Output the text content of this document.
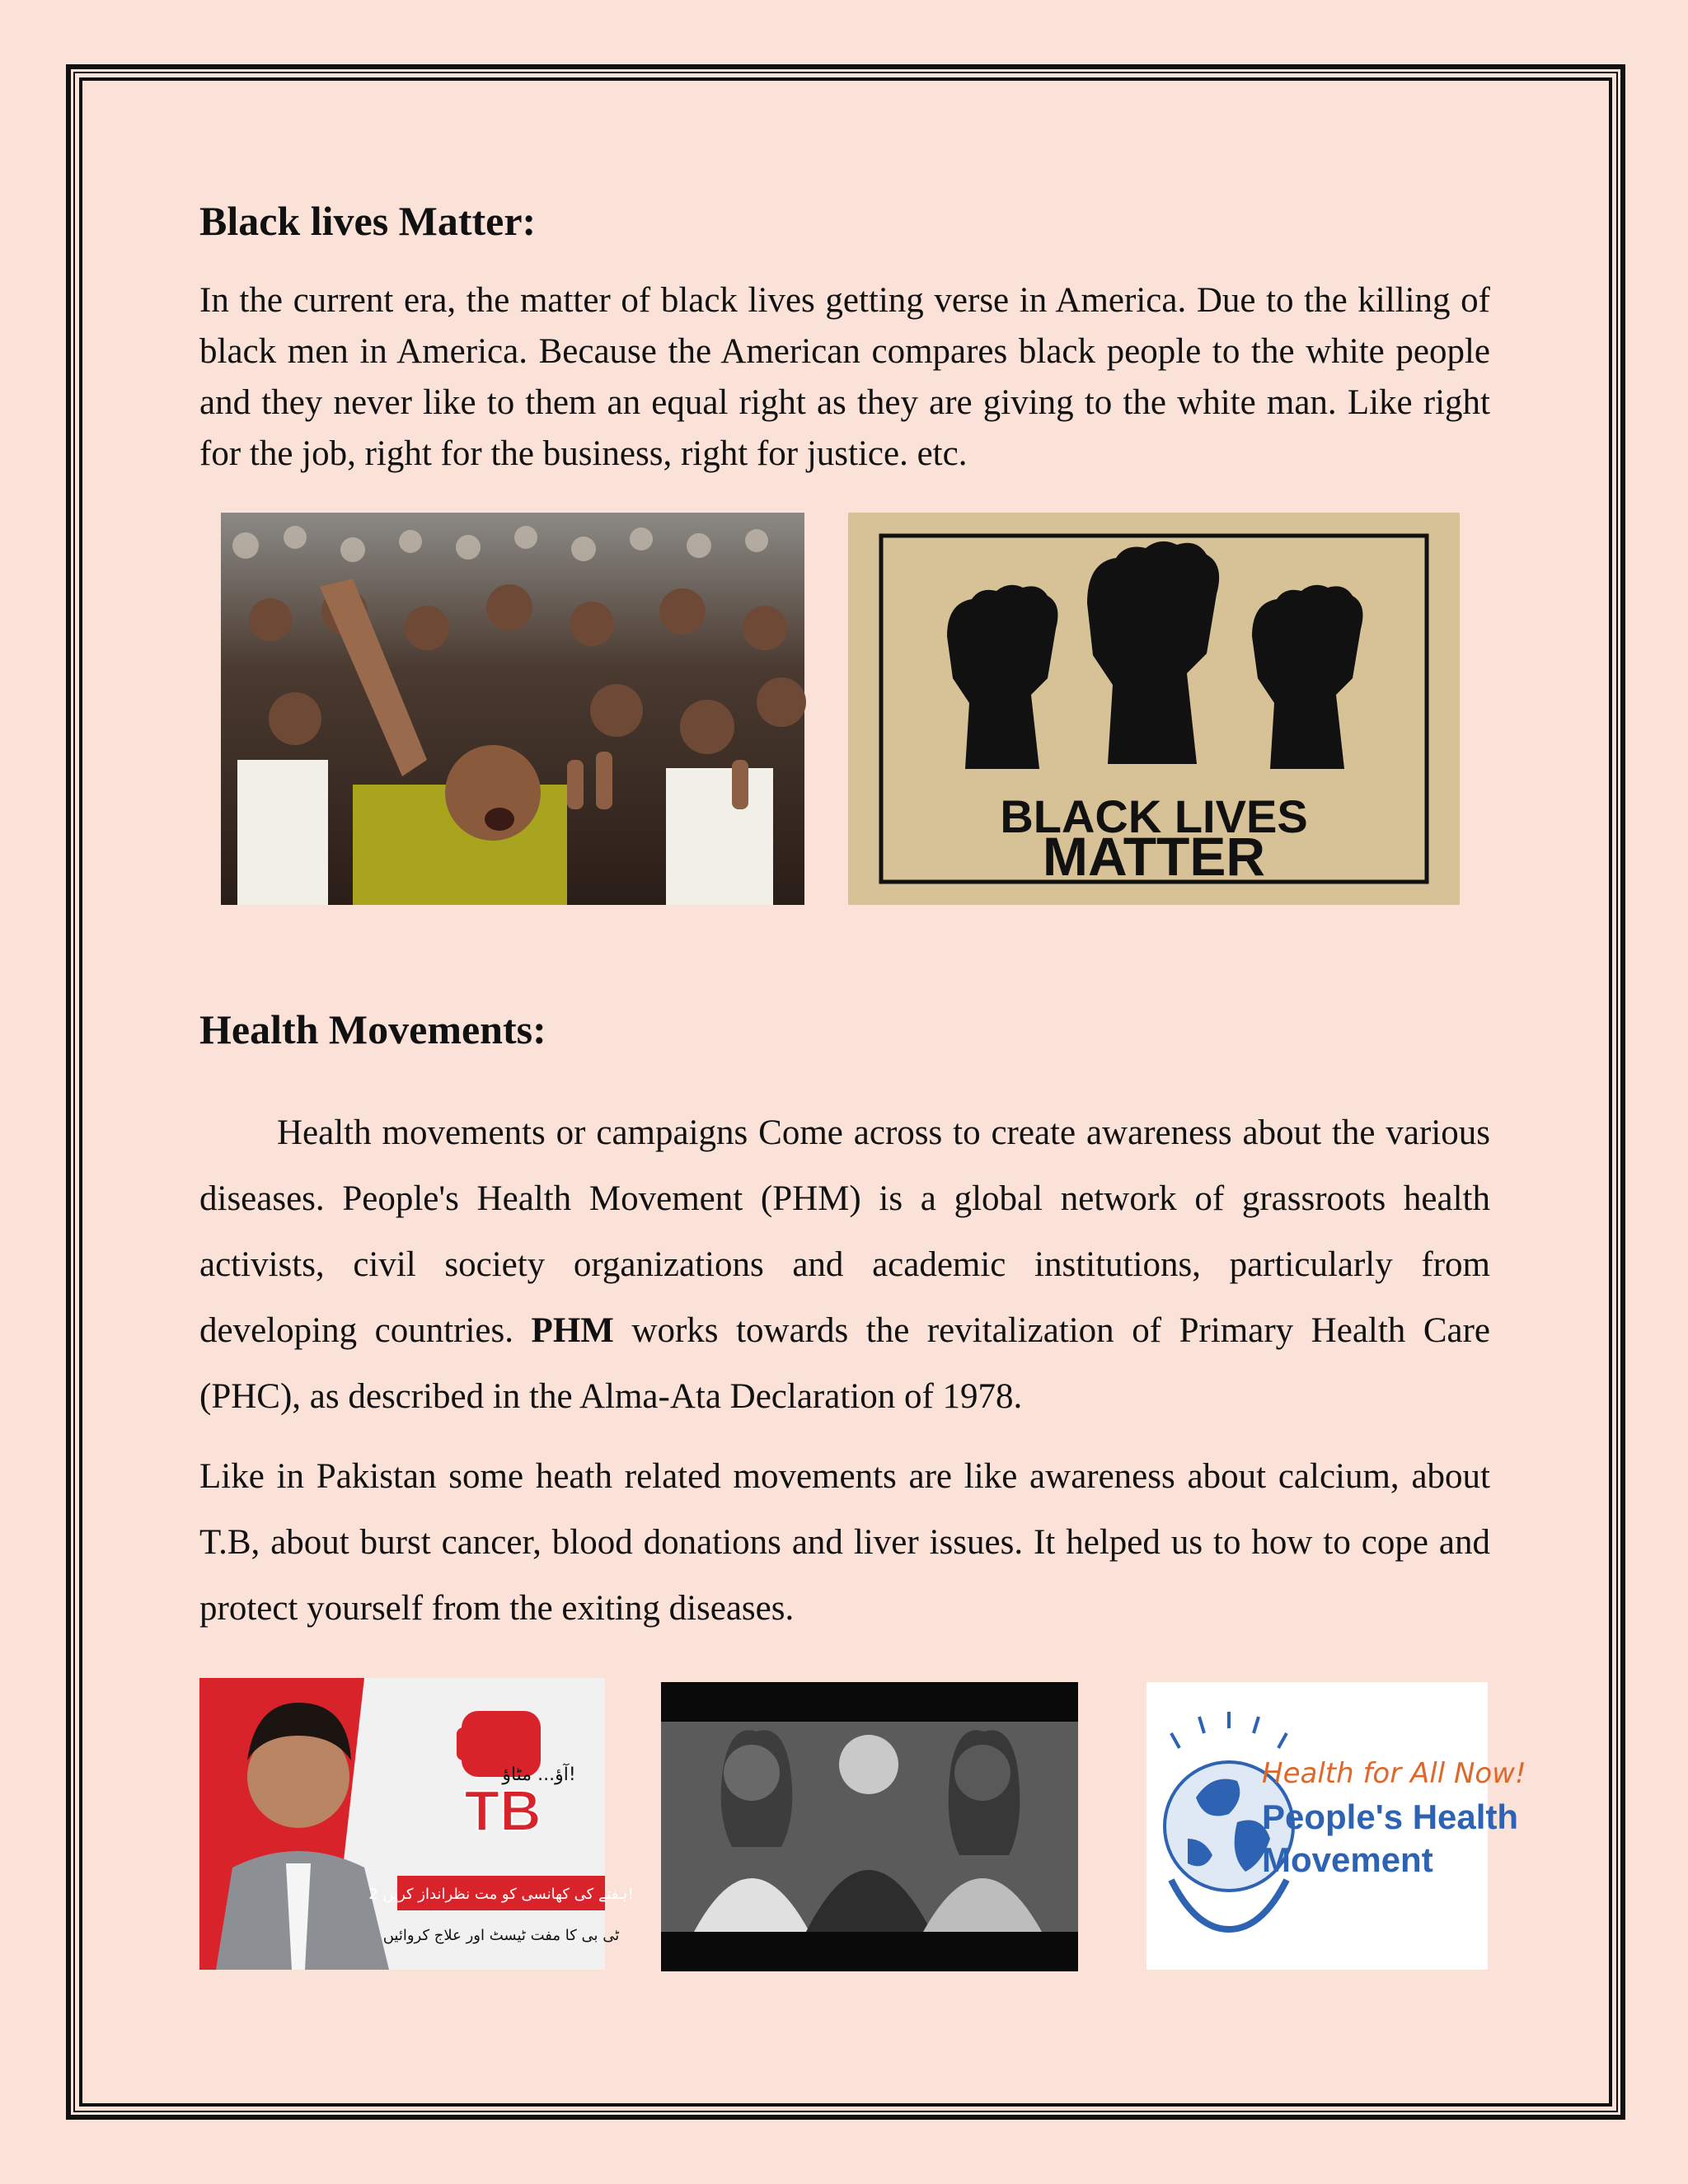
Black lives Matter:

In the current era, the matter of black lives getting verse in America. Due to the killing of black men in America. Because the American compares black people to the white people and they never like to them an equal right as they are giving to the white man. Like right for the job, right for the business, right for justice. etc.

BLACK LIVES
MATTER
Health Movements:

Health movements or campaigns Come across to create awareness about the various diseases. People's Health Movement (PHM) is a global network of grassroots health activists, civil society organizations and academic institutions, particularly from developing countries. PHM works towards the revitalization of Primary Health Care (PHC), as described in the Alma-Ata Declaration of 1978.

Like in Pakistan some heath related movements are like awareness about calcium, about T.B, about burst cancer, blood donations and liver issues. It helped us to how to cope and protect yourself from the exiting diseases.

TB
آؤ... مٹاؤ!
2 ہفتے کی کھانسی کو مت نظرانداز کریں!
ٹی بی کا مفت ٹیسٹ اور علاج کروائیں
Health for All Now!
People's Health
Movement
